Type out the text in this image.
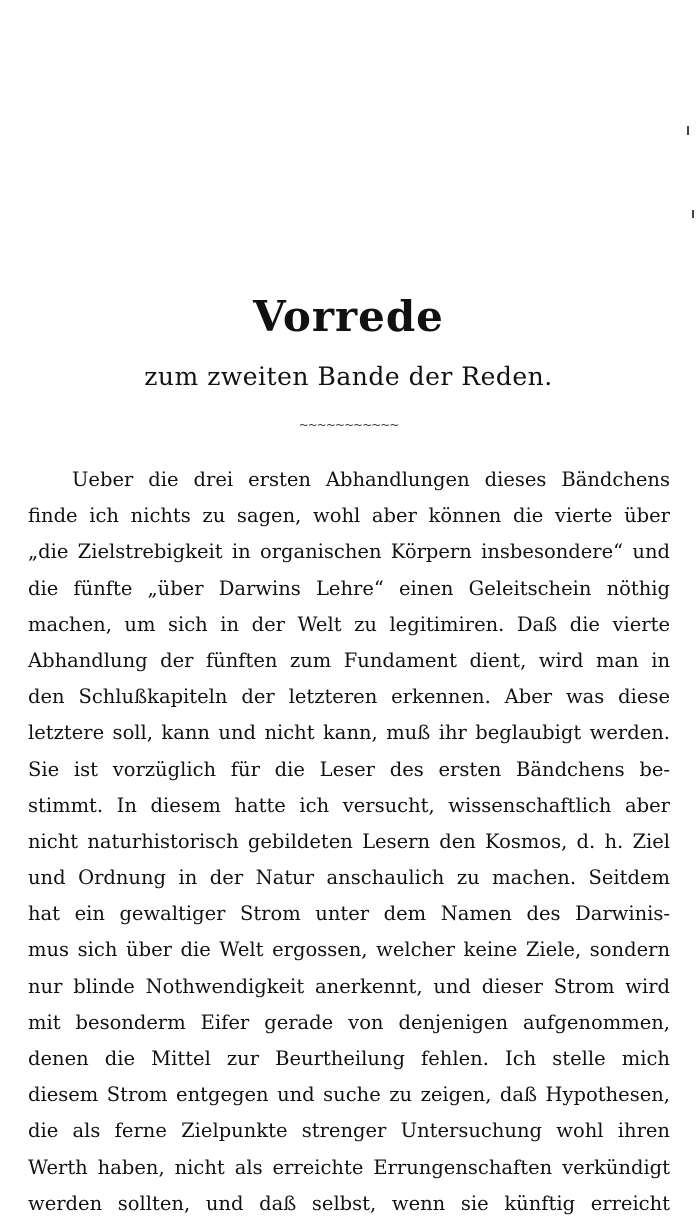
Vorrede
zum zweiten Bande der Reden.
~~~~~~~~~~~
Ueber die drei ersten Abhandlungen dieses Bändchens
finde ich nichts zu sagen, wohl aber können die vierte über
„die Zielstrebigkeit in organischen Körpern insbesondere“ und
die fünfte „über Darwins Lehre“ einen Geleitschein nöthig
machen, um sich in der Welt zu legitimiren. Daß die vierte
Abhandlung der fünften zum Fundament dient, wird man in
den Schlußkapiteln der letzteren erkennen. Aber was diese
letztere soll, kann und nicht kann, muß ihr beglaubigt werden.
Sie ist vorzüglich für die Leser des ersten Bändchens be-
stimmt. In diesem hatte ich versucht, wissenschaftlich aber
nicht naturhistorisch gebildeten Lesern den Kosmos, d. h. Ziel
und Ordnung in der Natur anschaulich zu machen. Seitdem
hat ein gewaltiger Strom unter dem Namen des Darwinis-
mus sich über die Welt ergossen, welcher keine Ziele, sondern
nur blinde Nothwendigkeit anerkennt, und dieser Strom wird
mit besonderm Eifer gerade von denjenigen aufgenommen,
denen die Mittel zur Beurtheilung fehlen. Ich stelle mich
diesem Strom entgegen und suche zu zeigen, daß Hypothesen,
die als ferne Zielpunkte strenger Untersuchung wohl ihren
Werth haben, nicht als erreichte Errungenschaften verkündigt
werden sollten, und daß selbst, wenn sie künftig erreicht
